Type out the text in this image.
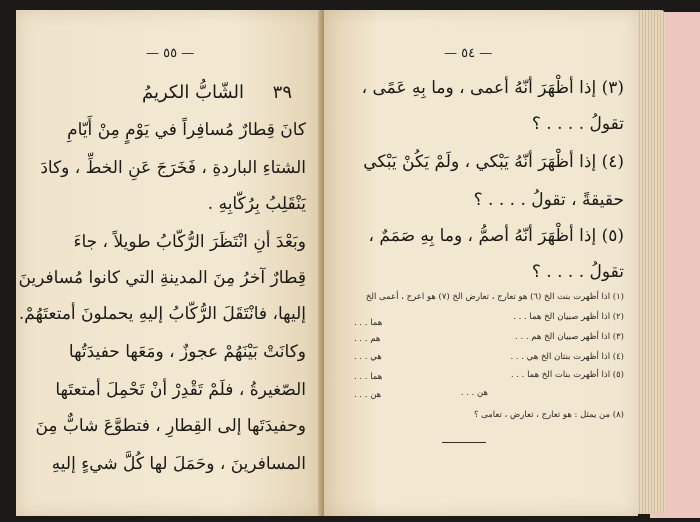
— ٥٥ —
٣٩     الشّابُّ الكريمُ
كانَ قِطارٌ مُسافِراً في يَوْمٍ مِنْ أَيّامِ
الشتاءِ الباردةِ ، فَخَرَجَ عَنِ الخطِّ ، وكادَ
يَنْقَلِبُ بِرُكّابِهِ .
وبَعْدَ أنِ انْتَظَرَ الرُّكّابُ طويلاً ، جاءَ
قِطارٌ آخرُ مِنَ المدينةِ التي كانوا مُسافرينَ
إليها، فانْتَقَلَ الرُّكّابُ إليهِ يحملونَ أمتعتَهُمْ.
وكانَتْ بَيْنَهُمْ عجوزٌ ، ومَعَها حفيدَتُها
الصّغيرةُ ، فلَمْ تَقْدِرْ أنْ تَحْمِلَ أمتعتَها
وحفيدَتَها إلى القِطارِ ، فتطوَّعَ شابٌّ مِنَ
المسافرينَ ، وحَمَلَ لها كُلَّ شيءٍ إليهِ
— ٥٤ —
(٣) إذا أظْهَرَ أنّهُ أعمى ، وما بِهِ عَمًى ،
تقولُ . . . . ؟
(٤) إذا أظْهَرَ أنّهُ يَبْكي ، ولَمْ يَكُنْ يَبْكي
حقيقةً ، تقولُ . . . . ؟
(٥) إذا أظْهَرَ أنّهُ أصمُّ ، وما بِهِ صَمَمٌ ،
تقولُ . . . . ؟
(١) اذا أظهرت بنت الخ (٦) هو تعارج ، تعارض الخ (٧) هو اعرج ، أعمى الخ
(٢) اذا أظهر صبيان الخ هما . . .
(٣) اذا أظهر صبيان الخ هم . . .
(٤) اذا أظهرت بنتان الخ هي . . .
(٥) اذا أظهرت بنات الخ هما . . .
هن . . .
(٨) من يمثل : هو تعارج ، تعارض ، تعامى ؟
هما . . .
هم . . .
هي . . .
هما . . .
هن . . .
